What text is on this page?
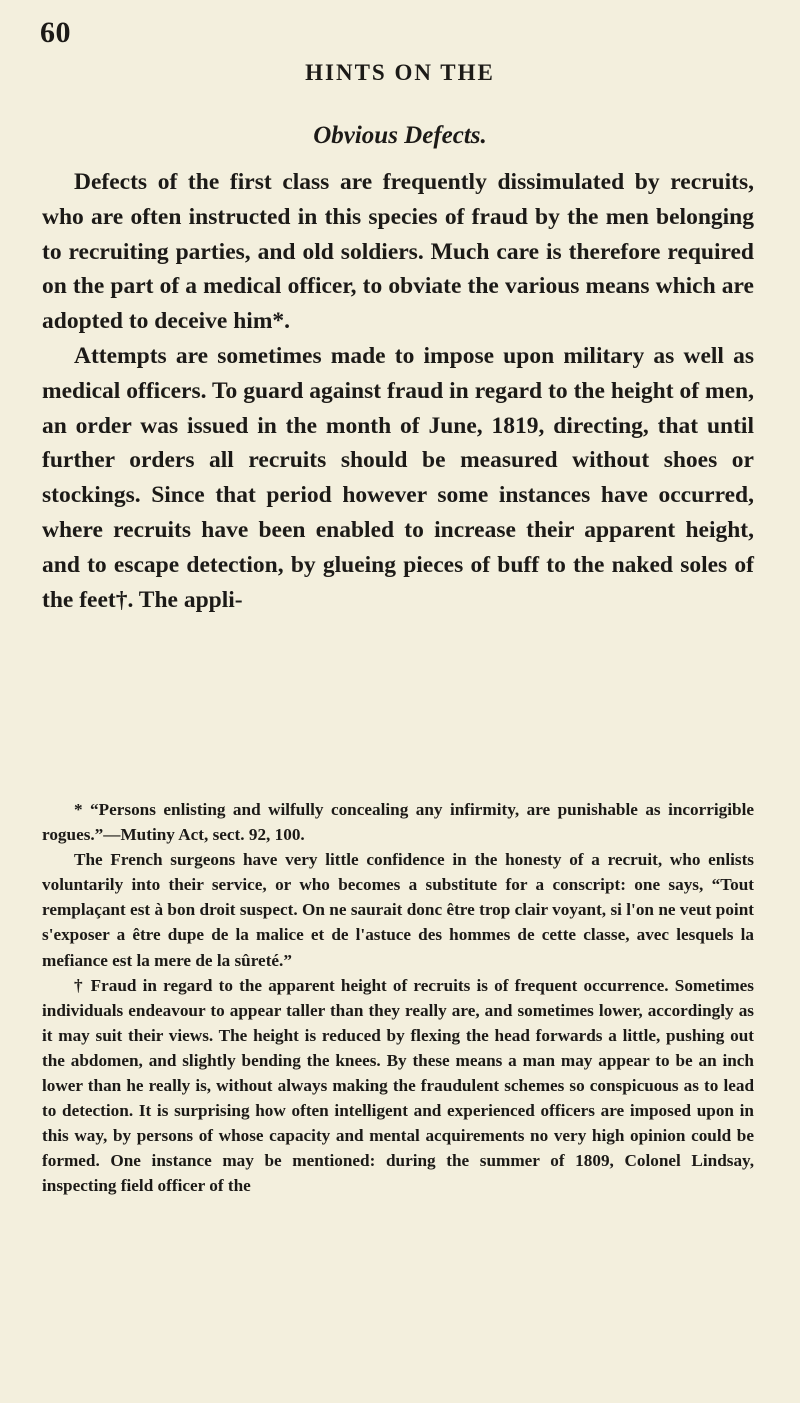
60
HINTS ON THE
Obvious Defects.

Defects of the first class are frequently dissimulated by recruits, who are often instructed in this species of fraud by the men belonging to recruiting parties, and old soldiers. Much care is therefore required on the part of a medical officer, to obviate the various means which are adopted to deceive him*.

Attempts are sometimes made to impose upon military as well as medical officers. To guard against fraud in regard to the height of men, an order was issued in the month of June, 1819, directing, that until further orders all recruits should be measured without shoes or stockings. Since that period however some instances have occurred, where recruits have been enabled to increase their apparent height, and to escape detection, by glueing pieces of buff to the naked soles of the feet†. The appli-

* “Persons enlisting and wilfully concealing any infirmity, are punishable as incorrigible rogues.”—Mutiny Act, sect. 92, 100.

The French surgeons have very little confidence in the honesty of a recruit, who enlists voluntarily into their service, or who becomes a substitute for a conscript: one says, “Tout remplaçant est à bon droit suspect. On ne saurait donc être trop clair voyant, si l'on ne veut point s'exposer a être dupe de la malice et de l'astuce des hommes de cette classe, avec lesquels la mefiance est la mere de la sûreté.”

† Fraud in regard to the apparent height of recruits is of frequent occurrence. Sometimes individuals endeavour to appear taller than they really are, and sometimes lower, accordingly as it may suit their views. The height is reduced by flexing the head forwards a little, pushing out the abdomen, and slightly bending the knees. By these means a man may appear to be an inch lower than he really is, without always making the fraudulent schemes so conspicuous as to lead to detection. It is surprising how often intelligent and experienced officers are imposed upon in this way, by persons of whose capacity and mental acquirements no very high opinion could be formed. One instance may be mentioned: during the summer of 1809, Colonel Lindsay, inspecting field officer of the
